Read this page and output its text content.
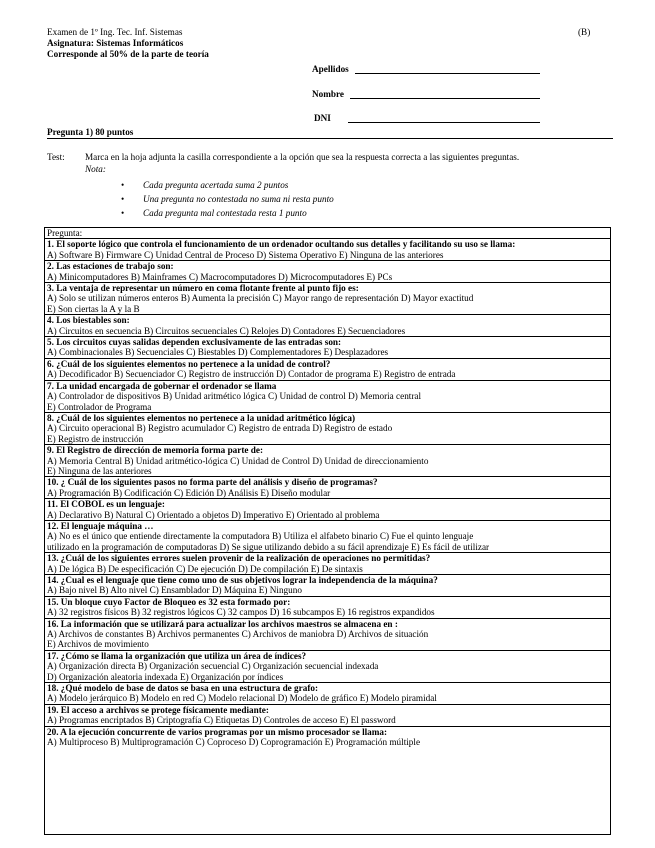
Examen de 1º Ing. Tec. Inf. Sistemas	(B)
Asignatura: Sistemas Informáticos
Corresponde al 50% de la parte de teoría
Apellidos
Nombre
DNI
Pregunta 1) 80 puntos
Test: Marca en la hoja adjunta la casilla correspondiente a la opción que sea la respuesta correcta a las siguientes preguntas.
Nota:
• Cada pregunta acertada suma 2 puntos
• Una pregunta no contestada no suma ni resta punto
• Cada pregunta mal contestada resta 1 punto
Pregunta:
1. El soporte lógico que controla el funcionamiento de un ordenador ocultando sus detalles y facilitando su uso se llama:
A) Software B) Firmware C) Unidad Central de Proceso D) Sistema Operativo E) Ninguna de las anteriores
2. Las estaciones de trabajo son:
A) Minicomputadores B) Mainframes C) Macrocomputadores D) Microcomputadores E) PCs
3. La ventaja de representar un número en coma flotante frente al punto fijo es:
A) Solo se utilizan números enteros B) Aumenta la precisión C) Mayor rango de representación D) Mayor exactitud
E) Son ciertas la A y la B
4. Los biestables son:
A) Circuitos en secuencia B) Circuitos secuenciales C) Relojes D) Contadores E) Secuenciadores
5. Los circuitos cuyas salidas dependen exclusivamente de las entradas son:
A) Combinacionales B) Secuenciales C) Biestables D) Complementadores E) Desplazadores
6. ¿Cuál de los siguientes elementos no pertenece a la unidad de control?
A) Decodificador B) Secuenciador C) Registro de instrucción D) Contador de programa E) Registro de entrada
7. La unidad encargada de gobernar el ordenador se llama
A) Controlador de dispositivos B) Unidad aritmético lógica C) Unidad de control D) Memoria central
E) Controlador de Programa
8. ¿Cuál de los siguientes elementos no pertenece a la unidad aritmético lógica)
A) Circuito operacional B) Registro acumulador C) Registro de entrada D) Registro de estado
E) Registro de instrucción
9. El Registro de dirección de memoria forma parte de:
A) Memoria Central B) Unidad aritmético-lógica C) Unidad de Control D) Unidad de direccionamiento
E) Ninguna de las anteriores
10. ¿ Cuál de los siguientes pasos no forma parte del análisis y diseño de programas?
A) Programación B) Codificación C) Edición D) Análisis E) Diseño modular
11. El COBOL es un lenguaje:
A) Declarativo B) Natural C) Orientado a objetos D) Imperativo E) Orientado al problema
12. El lenguaje máquina …
A) No es el único que entiende directamente la computadora B) Utiliza el alfabeto binario C) Fue el quinto lenguaje
utilizado en la programación de computadoras D) Se sigue utilizando debido a su fácil aprendizaje E) Es fácil de utilizar
13. ¿Cuál de los siguientes errores suelen provenir de la realización de operaciones no permitidas?
A) De lógica B) De especificación C) De ejecución D) De compilación E) De sintaxis
14. ¿Cual es el lenguaje que tiene como uno de sus objetivos lograr la independencia de la máquina?
A) Bajo nivel B) Alto nivel C) Ensamblador D) Máquina E) Ninguno
15. Un bloque cuyo Factor de Bloqueo es 32 esta formado por:
A) 32 registros físicos B) 32 registros lógicos C) 32 campos D) 16 subcampos E) 16 registros expandidos
16. La información que se utilizará para actualizar los archivos maestros se almacena en :
A) Archivos de constantes B) Archivos permanentes C) Archivos de maniobra D) Archivos de situación
E) Archivos de movimiento
17. ¿Cómo se llama la organización que utiliza un área de índices?
A) Organización directa B) Organización secuencial C) Organización secuencial indexada
D) Organización aleatoria indexada E) Organización por índices
18. ¿Qué modelo de base de datos se basa en una estructura de grafo:
A) Modelo jerárquico B) Modelo en red C) Modelo relacional D) Modelo de gráfico E) Modelo piramidal
19. El acceso a archivos se protege físicamente mediante:
A) Programas encriptados B) Criptografía C) Etiquetas D) Controles de acceso E) El password
20. A la ejecución concurrente de varios programas por un mismo procesador se llama:
A) Multiproceso B) Multiprogramación C) Coproceso D) Coprogramación E) Programación múltiple
